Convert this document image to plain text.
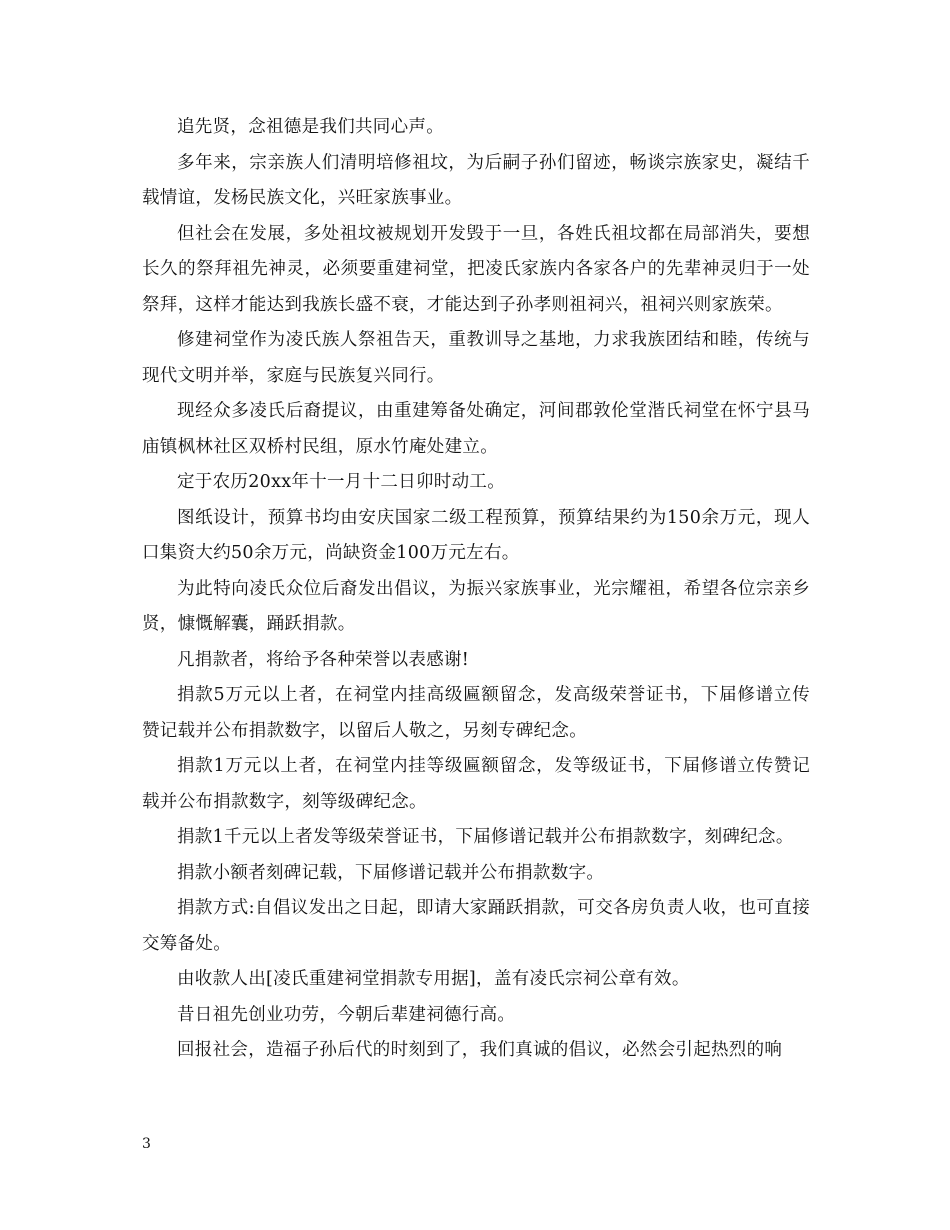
追先贤，念祖德是我们共同心声。

多年来，宗亲族人们清明培修祖坟，为后嗣子孙们留迹，畅谈宗族家史，凝结千载情谊，发杨民族文化，兴旺家族事业。

但社会在发展，多处祖坟被规划开发毁于一旦，各姓氏祖坟都在局部消失，要想长久的祭拜祖先神灵，必须要重建祠堂，把凌氏家族内各家各户的先辈神灵归于一处祭拜，这样才能达到我族长盛不衰，才能达到子孙孝则祖祠兴，祖祠兴则家族荣。

修建祠堂作为凌氏族人祭祖告天，重教训导之基地，力求我族团结和睦，传统与现代文明并举，家庭与民族复兴同行。

现经众多凌氏后裔提议，由重建筹备处确定，河间郡敦伦堂湝氏祠堂在怀宁县马庙镇枫林社区双桥村民组，原水竹庵处建立。

定于农历20xx年十一月十二日卯时动工。

图纸设计，预算书均由安庆国家二级工程预算，预算结果约为150余万元，现人口集资大约50余万元，尚缺资金100万元左右。

为此特向凌氏众位后裔发出倡议，为振兴家族事业，光宗耀祖，希望各位宗亲乡贤，慷慨解囊，踊跃捐款。

凡捐款者，将给予各种荣誉以表感谢!

捐款5万元以上者，在祠堂内挂高级匾额留念，发高级荣誉证书，下届修谱立传赞记载并公布捐款数字，以留后人敬之，另刻专碑纪念。

捐款1万元以上者，在祠堂内挂等级匾额留念，发等级证书，下届修谱立传赞记载并公布捐款数字，刻等级碑纪念。

捐款1千元以上者发等级荣誉证书，下届修谱记载并公布捐款数字，刻碑纪念。

捐款小额者刻碑记载，下届修谱记载并公布捐款数字。

捐款方式:自倡议发出之日起，即请大家踊跃捐款，可交各房负责人收，也可直接交筹备处。

由收款人出[凌氏重建祠堂捐款专用据]，盖有凌氏宗祠公章有效。

昔日祖先创业功劳，今朝后辈建祠德行高。

回报社会，造福子孙后代的时刻到了，我们真诚的倡议，必然会引起热烈的响

3
